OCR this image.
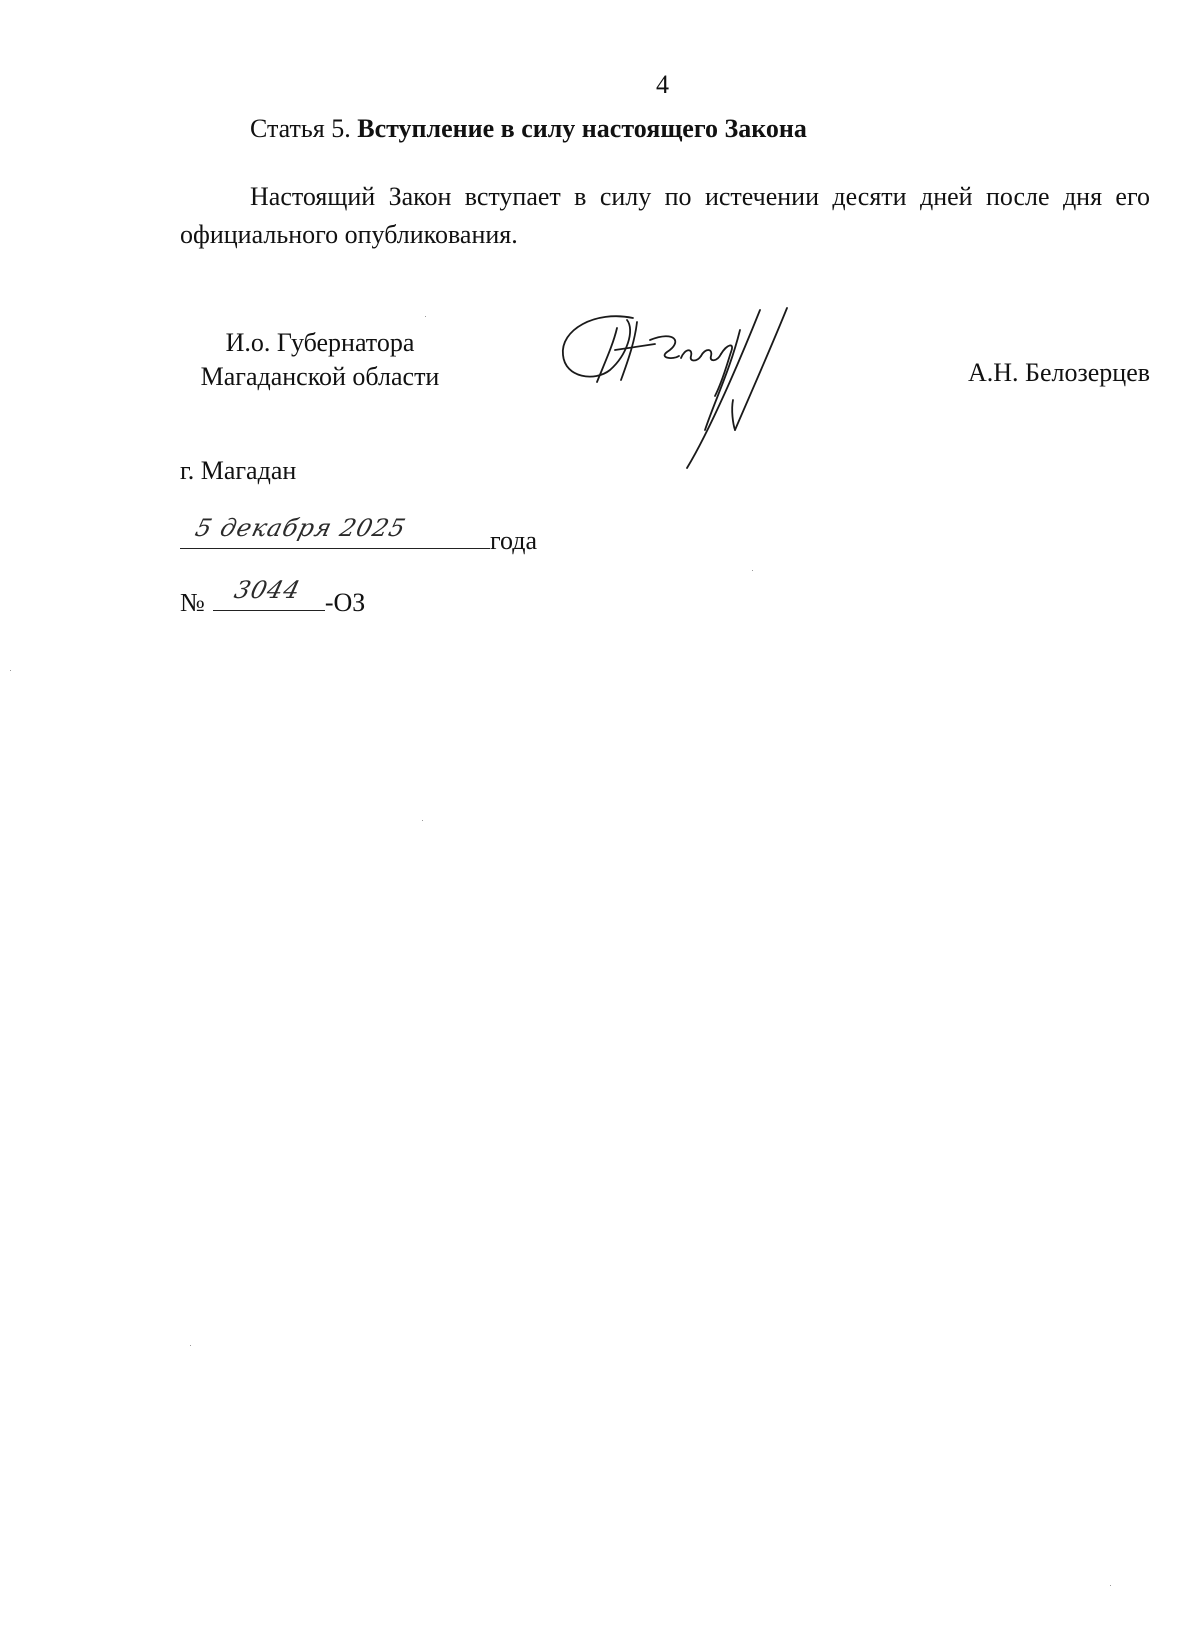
4
Статья 5. Вступление в силу настоящего Закона
Настоящий Закон вступает в силу по истечении десяти дней после дня его официального опубликования.
И.о. Губернатора
Магаданской области	А.Н. Белозерцев
г. Магадан
5 декабря 2025	года
№ 3044 -ОЗ
